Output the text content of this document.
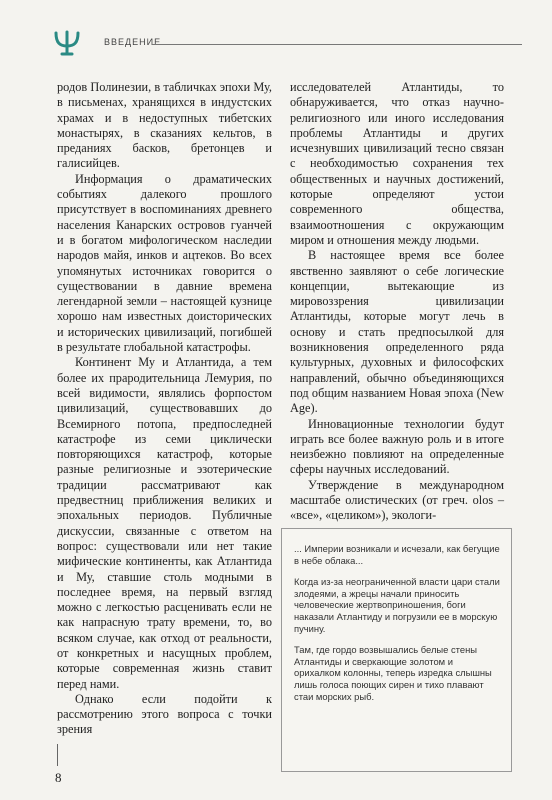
ВВЕДЕНИЕ

родов Полинезии, в табличках эпохи Му, в письменах, хранящихся в индустских храмах и в недоступных тибетских монастырях, в сказаниях кельтов, в преданиях басков, бретонцев и галисийцев.

Информация о драматических событиях далекого прошлого присутствует в воспоминаниях древнего населения Канарских островов гуанчей и в богатом мифологическом наследии народов майя, инков и ацтеков. Во всех упомянутых источниках говорится о существовании в давние времена легендарной земли – настоящей кузнице хорошо нам известных доисторических и исторических цивилизаций, погибшей в результате глобальной катастрофы.

Континент Му и Атлантида, а тем более их прародительница Лемурия, по всей видимости, являлись форпостом цивилизаций, существовавших до Всемирного потопа, предпоследней катастрофе из семи циклически повторяющихся катастроф, которые разные религиозные и эзотерические традиции рассматривают как предвестниц приближения великих и эпохальных периодов. Публичные дискуссии, связанные с ответом на вопрос: существовали или нет такие мифические континенты, как Атлантида и Му, ставшие столь модными в последнее время, на первый взгляд можно с легкостью расценивать если не как напрасную трату времени, то, во всяком случае, как отход от реальности, от конкретных и насущных проблем, которые современная жизнь ставит перед нами.

Однако если подойти к рассмотрению этого вопроса с точки зрения

исследователей Атлантиды, то обнаруживается, что отказ научно-религиозного или иного исследования проблемы Атлантиды и других исчезнувших цивилизаций тесно связан с необходимостью сохранения тех общественных и научных достижений, которые определяют устои современного общества, взаимоотношения с окружающим миром и отношения между людьми.

В настоящее время все более явственно заявляют о себе логические концепции, вытекающие из мировоззрения цивилизации Атлантиды, которые могут лечь в основу и стать предпосылкой для возникновения определенного ряда культурных, духовных и философских направлений, обычно объединяющихся под общим названием Новая эпоха (New Age).

Инновационные технологии будут играть все более важную роль и в итоге неизбежно повлияют на определенные сферы научных исследований.

Утверждение в международном масштабе олистических (от греч. olos – «все», «целиком»), экологи-

... Империи возникали и исчезали, как бегущие в небе облака...

Когда из-за неограниченной власти цари стали злодеями, а жрецы начали приносить человеческие жертвоприношения, боги наказали Атлантиду и погрузили ее в морскую пучину.

Там, где гордо возвышались белые стены Атлантиды и сверкающие золотом и орихалком колонны, теперь изредка слышны лишь голоса поющих сирен и тихо плавают стаи морских рыб.

8
